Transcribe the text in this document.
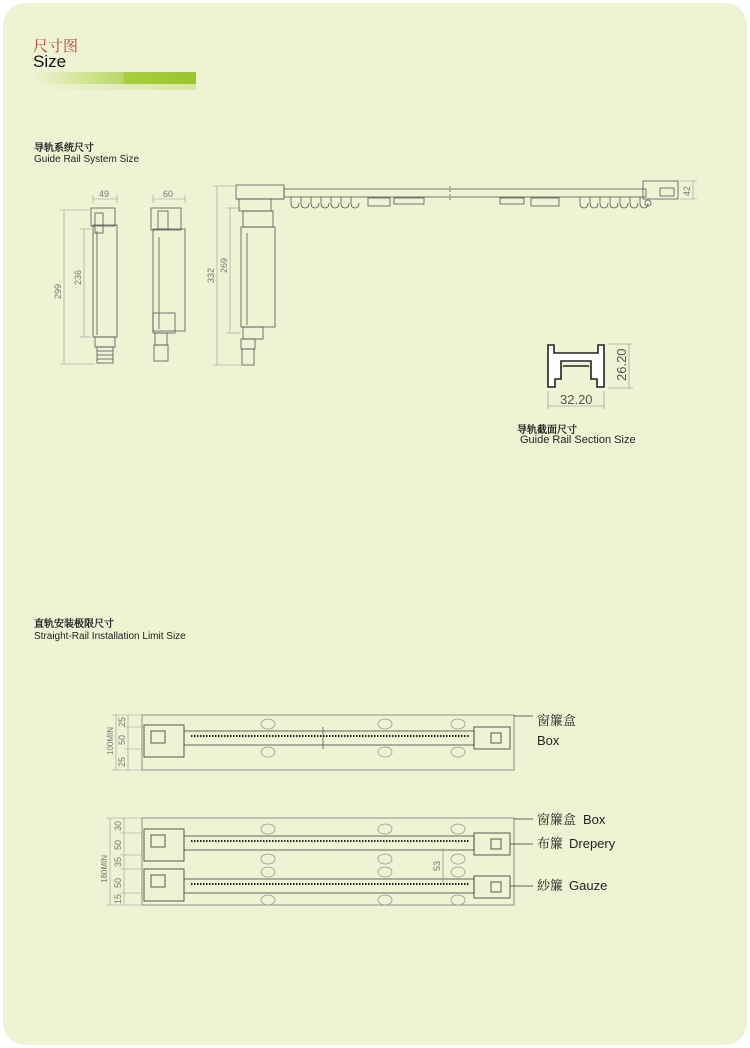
尺寸图
Size
导轨系统尺寸
Guide Rail System Size
直轨安装极限尺寸
Straight-Rail Installation Limit Size
导轨截面尺寸
Guide Rail Section Size
49	60
236
299
269
332
42
26.20
32.20
25
50
25
100MIN
窗簾盒
Box
30
50
35
50
15
180MIN	53
窗簾盒 Box
布簾 Drepery
紗簾 Gauze
